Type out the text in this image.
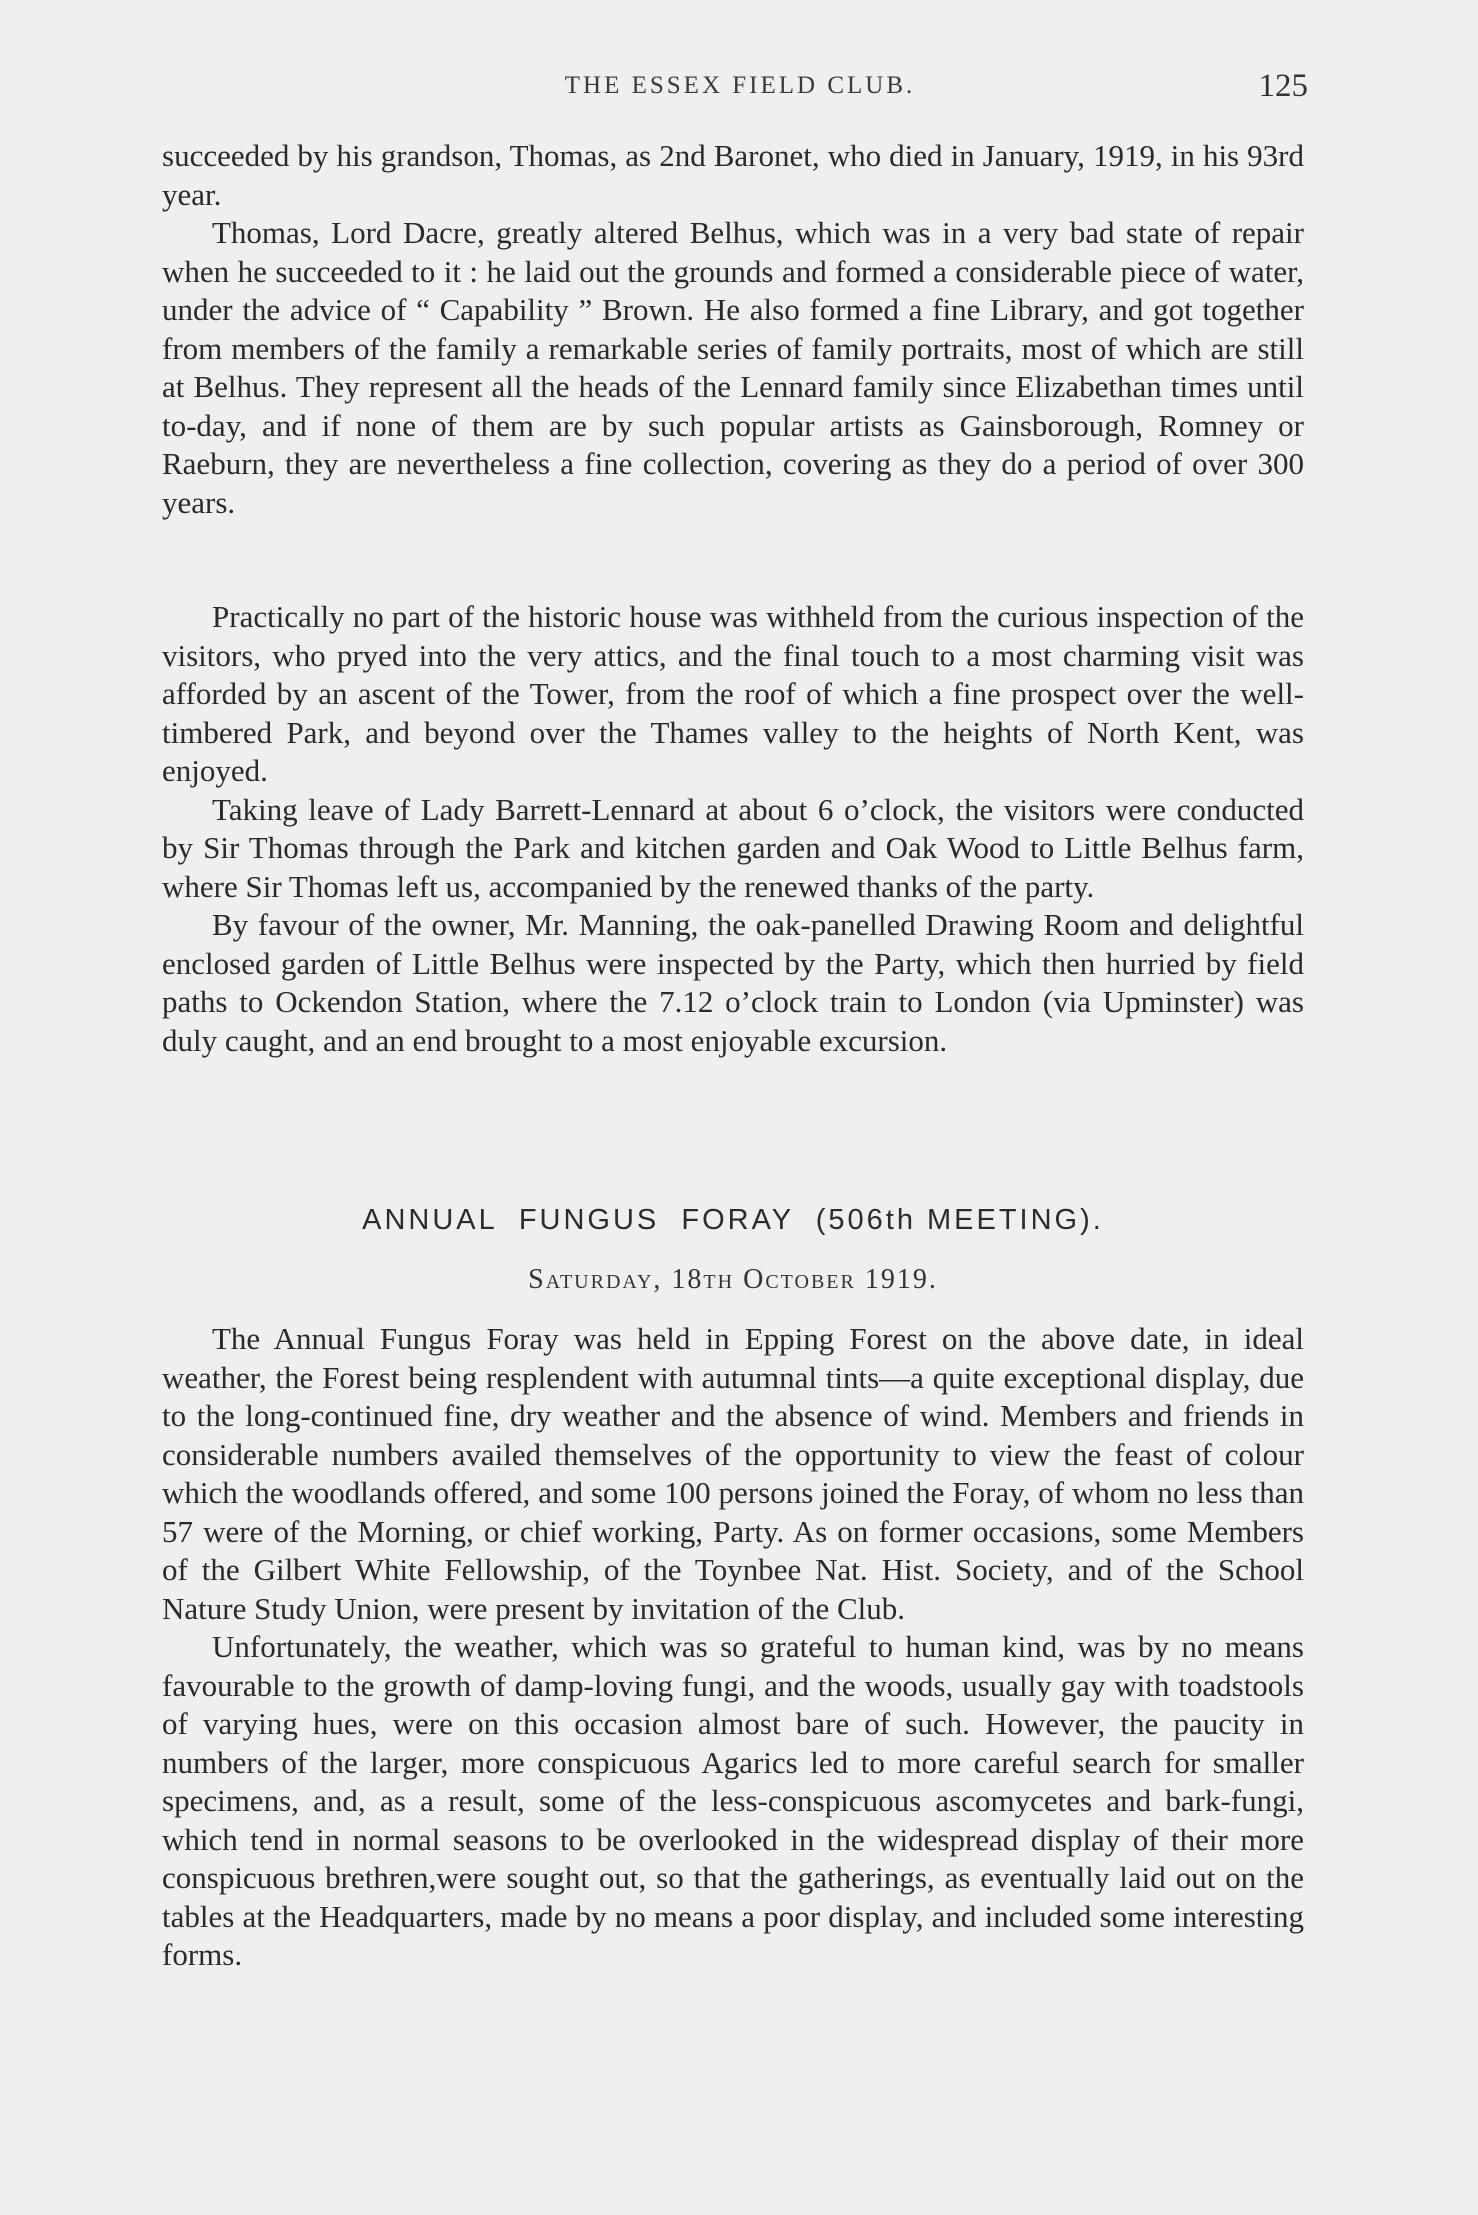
THE ESSEX FIELD CLUB.	125

succeeded by his grandson, Thomas, as 2nd Baronet, who died in January, 1919, in his 93rd year.

Thomas, Lord Dacre, greatly altered Belhus, which was in a very bad state of repair when he succeeded to it : he laid out the grounds and formed a considerable piece of water, under the advice of “ Capability ” Brown. He also formed a fine Library, and got together from members of the family a remarkable series of family portraits, most of which are still at Belhus. They represent all the heads of the Lennard family since Elizabethan times until to-day, and if none of them are by such popular artists as Gainsborough, Romney or Raeburn, they are nevertheless a fine collection, covering as they do a period of over 300 years.

Practically no part of the historic house was withheld from the curious inspection of the visitors, who pryed into the very attics, and the final touch to a most charming visit was afforded by an ascent of the Tower, from the roof of which a fine prospect over the well-timbered Park, and beyond over the Thames valley to the heights of North Kent, was enjoyed.

Taking leave of Lady Barrett-Lennard at about 6 o’clock, the visitors were conducted by Sir Thomas through the Park and kitchen garden and Oak Wood to Little Belhus farm, where Sir Thomas left us, accompanied by the renewed thanks of the party.

By favour of the owner, Mr. Manning, the oak-panelled Drawing Room and delightful enclosed garden of Little Belhus were inspected by the Party, which then hurried by field paths to Ockendon Station, where the 7.12 o’clock train to London (via Upminster) was duly caught, and an end brought to a most enjoyable excursion.

ANNUAL  FUNGUS  FORAY  (506th MEETING).
Saturday, 18th October 1919.

The Annual Fungus Foray was held in Epping Forest on the above date, in ideal weather, the Forest being resplendent with autumnal tints—a quite exceptional display, due to the long-continued fine, dry weather and the absence of wind. Members and friends in considerable numbers availed themselves of the opportunity to view the feast of colour which the woodlands offered, and some 100 persons joined the Foray, of whom no less than 57 were of the Morning, or chief working, Party. As on former occasions, some Members of the Gilbert White Fellowship, of the Toynbee Nat. Hist. Society, and of the School Nature Study Union, were present by invitation of the Club.

Unfortunately, the weather, which was so grateful to human kind, was by no means favourable to the growth of damp-loving fungi, and the woods, usually gay with toadstools of varying hues, were on this occasion almost bare of such. However, the paucity in numbers of the larger, more conspicuous Agarics led to more careful search for smaller specimens, and, as a result, some of the less-conspicuous ascomycetes and bark-fungi, which tend in normal seasons to be overlooked in the widespread display of their more conspicuous brethren,were sought out, so that the gatherings, as eventually laid out on the tables at the Headquarters, made by no means a poor display, and included some interesting forms.
